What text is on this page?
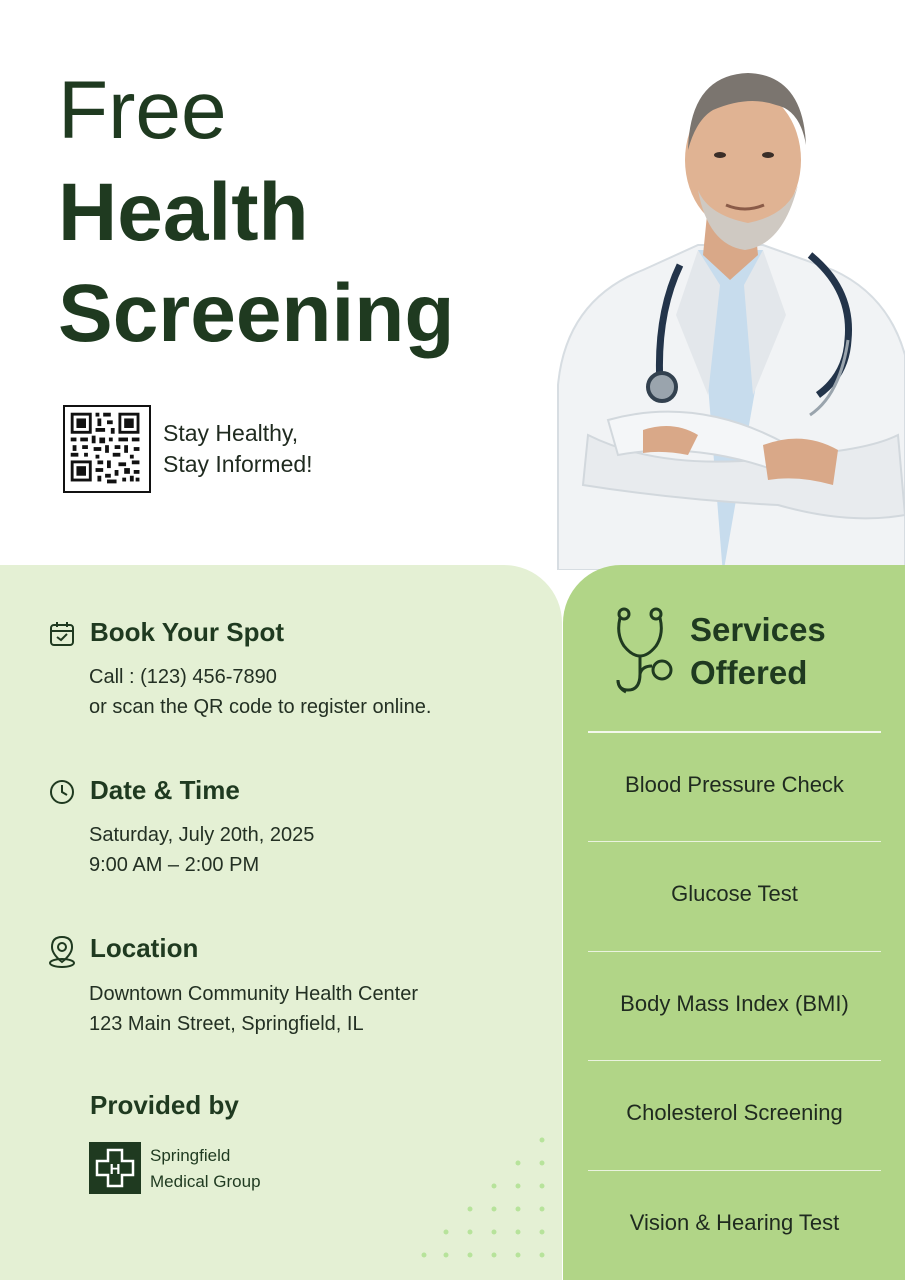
Free
Health
Screening
Stay Healthy,
Stay Informed!
Book Your Spot
Call : (123) 456-7890
or scan the QR code to register online.
Date & Time
Saturday, July 20th, 2025
9:00 AM – 2:00 PM
Location
Downtown Community Health Center
123 Main Street, Springfield, IL
Provided by
H
Springfield
Medical Group
Services
Offered
Blood Pressure Check
Glucose Test
Body Mass Index (BMI)
Cholesterol Screening
Vision & Hearing Test
